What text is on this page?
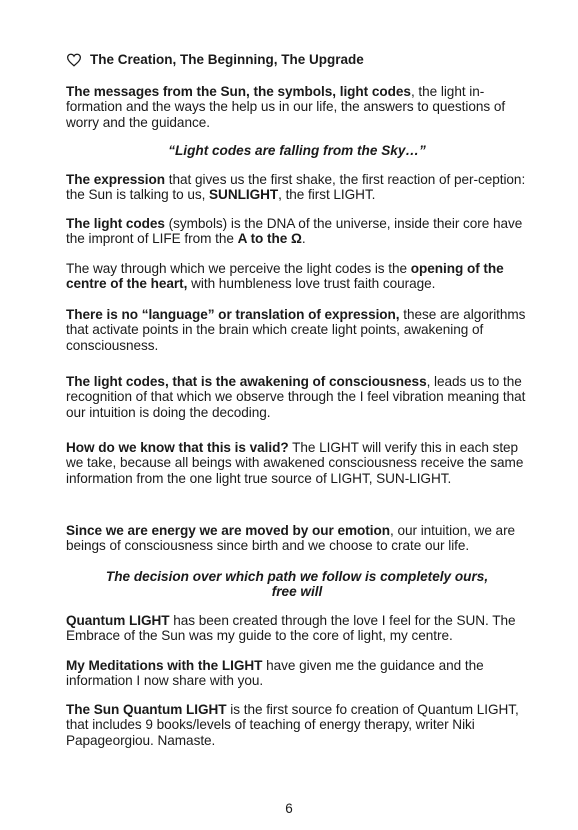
The Creation, The Beginning, The Upgrade
The messages from the Sun, the symbols, light codes, the light in-formation and the ways the help us in our life, the answers to questions of worry and the guidance.
“Light codes are falling from the Sky…”
The expression that gives us the first shake, the first reaction of per-ception: the Sun is talking to us, SUNLIGHT, the first LIGHT.
The light codes (symbols) is the DNA of the universe, inside their core have the impront of LIFE from the A to the Ω.
The way through which we perceive the light codes is the opening of the centre of the heart, with humbleness love trust faith courage.
There is no “language” or translation of expression, these are algorithms that activate points in the brain which create light points, awakening of consciousness.
The light codes, that is the awakening of consciousness, leads us to the recognition of that which we observe through the I feel vibration meaning that our intuition is doing the decoding.
How do we know that this is valid? The LIGHT will verify this in each step we take, because all beings with awakened consciousness receive the same information from the one light true source of LIGHT, SUN-LIGHT.
Since we are energy we are moved by our emotion, our intuition, we are beings of consciousness since birth and we choose to crate our life.
The decision over which path we follow is completely ours,
free will
Quantum LIGHT has been created through the love I feel for the SUN. The Embrace of the Sun was my guide to the core of light, my centre.
My Meditations with the LIGHT have given me the guidance and the information I now share with you.
The Sun Quantum LIGHT is the first source fo creation of Quantum LIGHT, that includes 9 books/levels of teaching of energy therapy, writer Niki Papageorgiou. Namaste.
6
